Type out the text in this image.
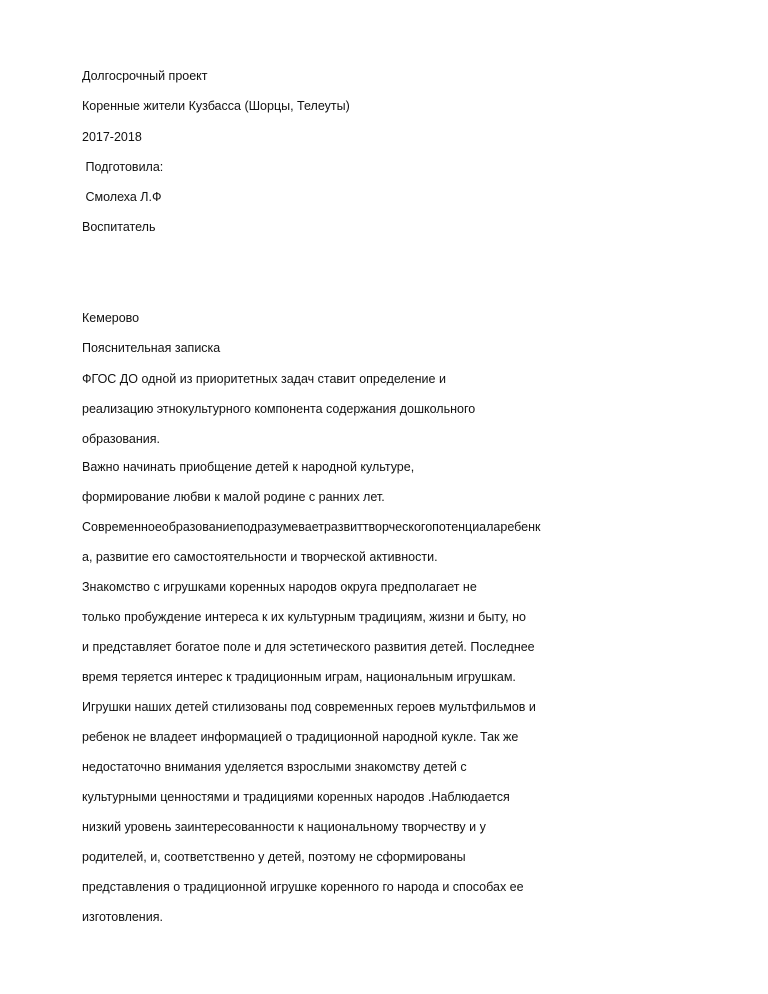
Долгосрочный проект
Коренные жители Кузбасса (Шорцы, Телеуты)
2017-2018
Подготовила:
Смолеха Л.Ф
Воспитатель
Кемерово
Пояснительная записка
ФГОС ДО одной из приоритетных задач ставит определение и
реализацию этнокультурного компонента содержания дошкольного
образования.
Важно начинать приобщение детей к народной культуре,
формирование любви к малой родине с ранних лет.
Современноеобразованиеподразумеваетразвиттворческогопотенциаларебенк
а, развитие его самостоятельности и творческой активности.
Знакомство с игрушками коренных народов округа предполагает не
только пробуждение интереса к их культурным традициям, жизни и быту, но
и представляет богатое поле и для эстетического развития детей. Последнее
время теряется интерес к традиционным играм, национальным игрушкам.
Игрушки наших детей стилизованы под современных героев мультфильмов и
ребенок не владеет информацией о традиционной народной кукле. Так же
недостаточно внимания уделяется взрослыми знакомству детей с
культурными ценностями и традициями коренных народов .Наблюдается
низкий уровень заинтересованности к национальному творчеству и у
родителей, и, соответственно у детей, поэтому не сформированы
представления о традиционной игрушке коренного го народа и способах ее
изготовления.
